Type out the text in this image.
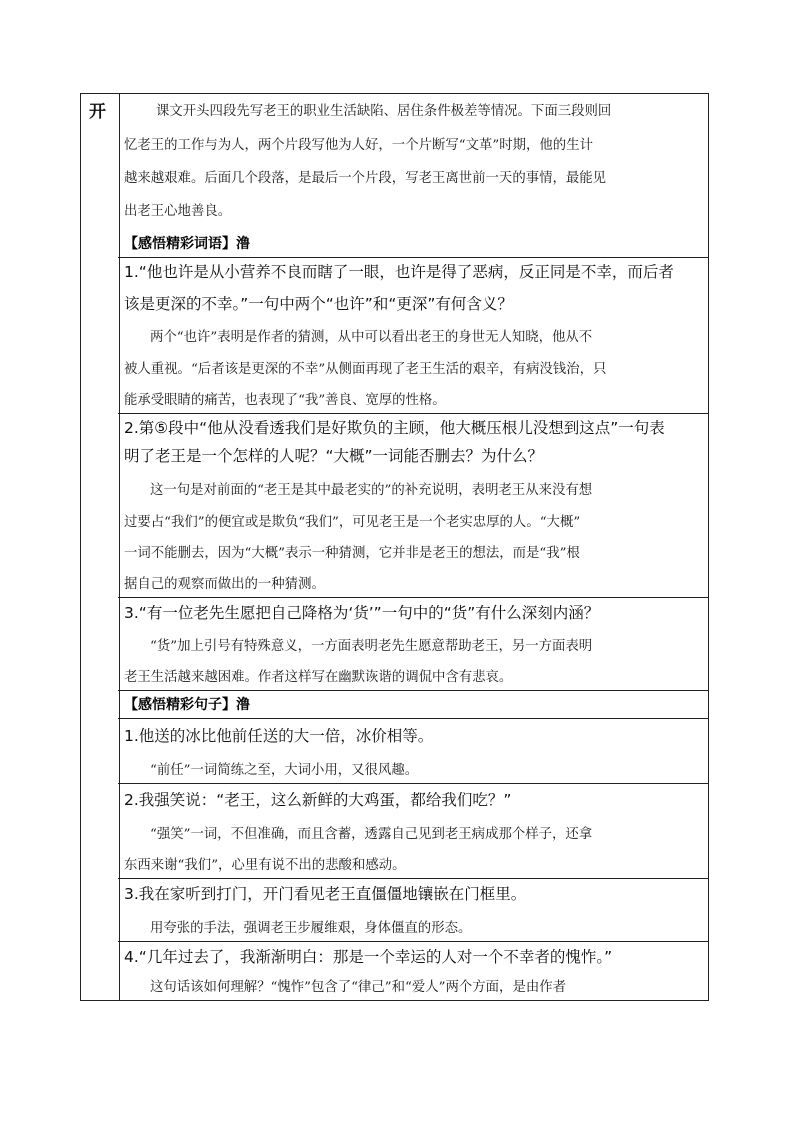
开	课文开头四段先写老王的职业生活缺陷、居住条件极差等情况。下面三段则回
忆老王的工作与为人，两个片段写他为人好，一个片断写“文革”时期，他的生计
越来越艰难。后面几个段落，是最后一个片段，写老王离世前一天的事情，最能见
出老王心地善良。
【感悟精彩词语】澛
1.“他也许是从小营养不良而瞎了一眼，也许是得了恶病，反正同是不幸，而后者
该是更深的不幸。”一句中两个“也许”和“更深”有何含义？
两个“也许”表明是作者的猜测，从中可以看出老王的身世无人知晓，他从不
被人重视。“后者该是更深的不幸”从侧面再现了老王生活的艰辛，有病没钱治，只
能承受眼睛的痛苦，也表现了“我”善良、宽厚的性格。
2.第⑤段中“他从没看透我们是好欺负的主顾，他大概压根儿没想到这点”一句表
明了老王是一个怎样的人呢？“大概”一词能否删去？为什么？
这一句是对前面的“老王是其中最老实的”的补充说明，表明老王从来没有想
过要占“我们”的便宜或是欺负“我们”，可见老王是一个老实忠厚的人。“大概”
一词不能删去，因为“大概”表示一种猜测，它并非是老王的想法，而是“我”根
据自己的观察而做出的一种猜测。
3.“有一位老先生愿把自己降格为‘货’”一句中的“货”有什么深刻内涵？
“货”加上引号有特殊意义，一方面表明老先生愿意帮助老王，另一方面表明
老王生活越来越困难。作者这样写在幽默诙谐的调侃中含有悲哀。
【感悟精彩句子】澛
1.他送的冰比他前任送的大一倍，冰价相等。
“前任”一词简练之至，大词小用，又很风趣。
2.我强笑说：“老王，这么新鲜的大鸡蛋，都给我们吃？”
“强笑”一词，不但准确，而且含蓄，透露自己见到老王病成那个样子，还拿
东西来谢“我们”，心里有说不出的悲酸和感动。
3.我在家听到打门，开门看见老王直僵僵地镶嵌在门框里。
用夸张的手法，强调老王步履维艰，身体僵直的形态。
4.“几年过去了，我渐渐明白：那是一个幸运的人对一个不幸者的愧怍。”
这句话该如何理解？“愧怍”包含了“律己”和“爱人”两个方面，是由作者
